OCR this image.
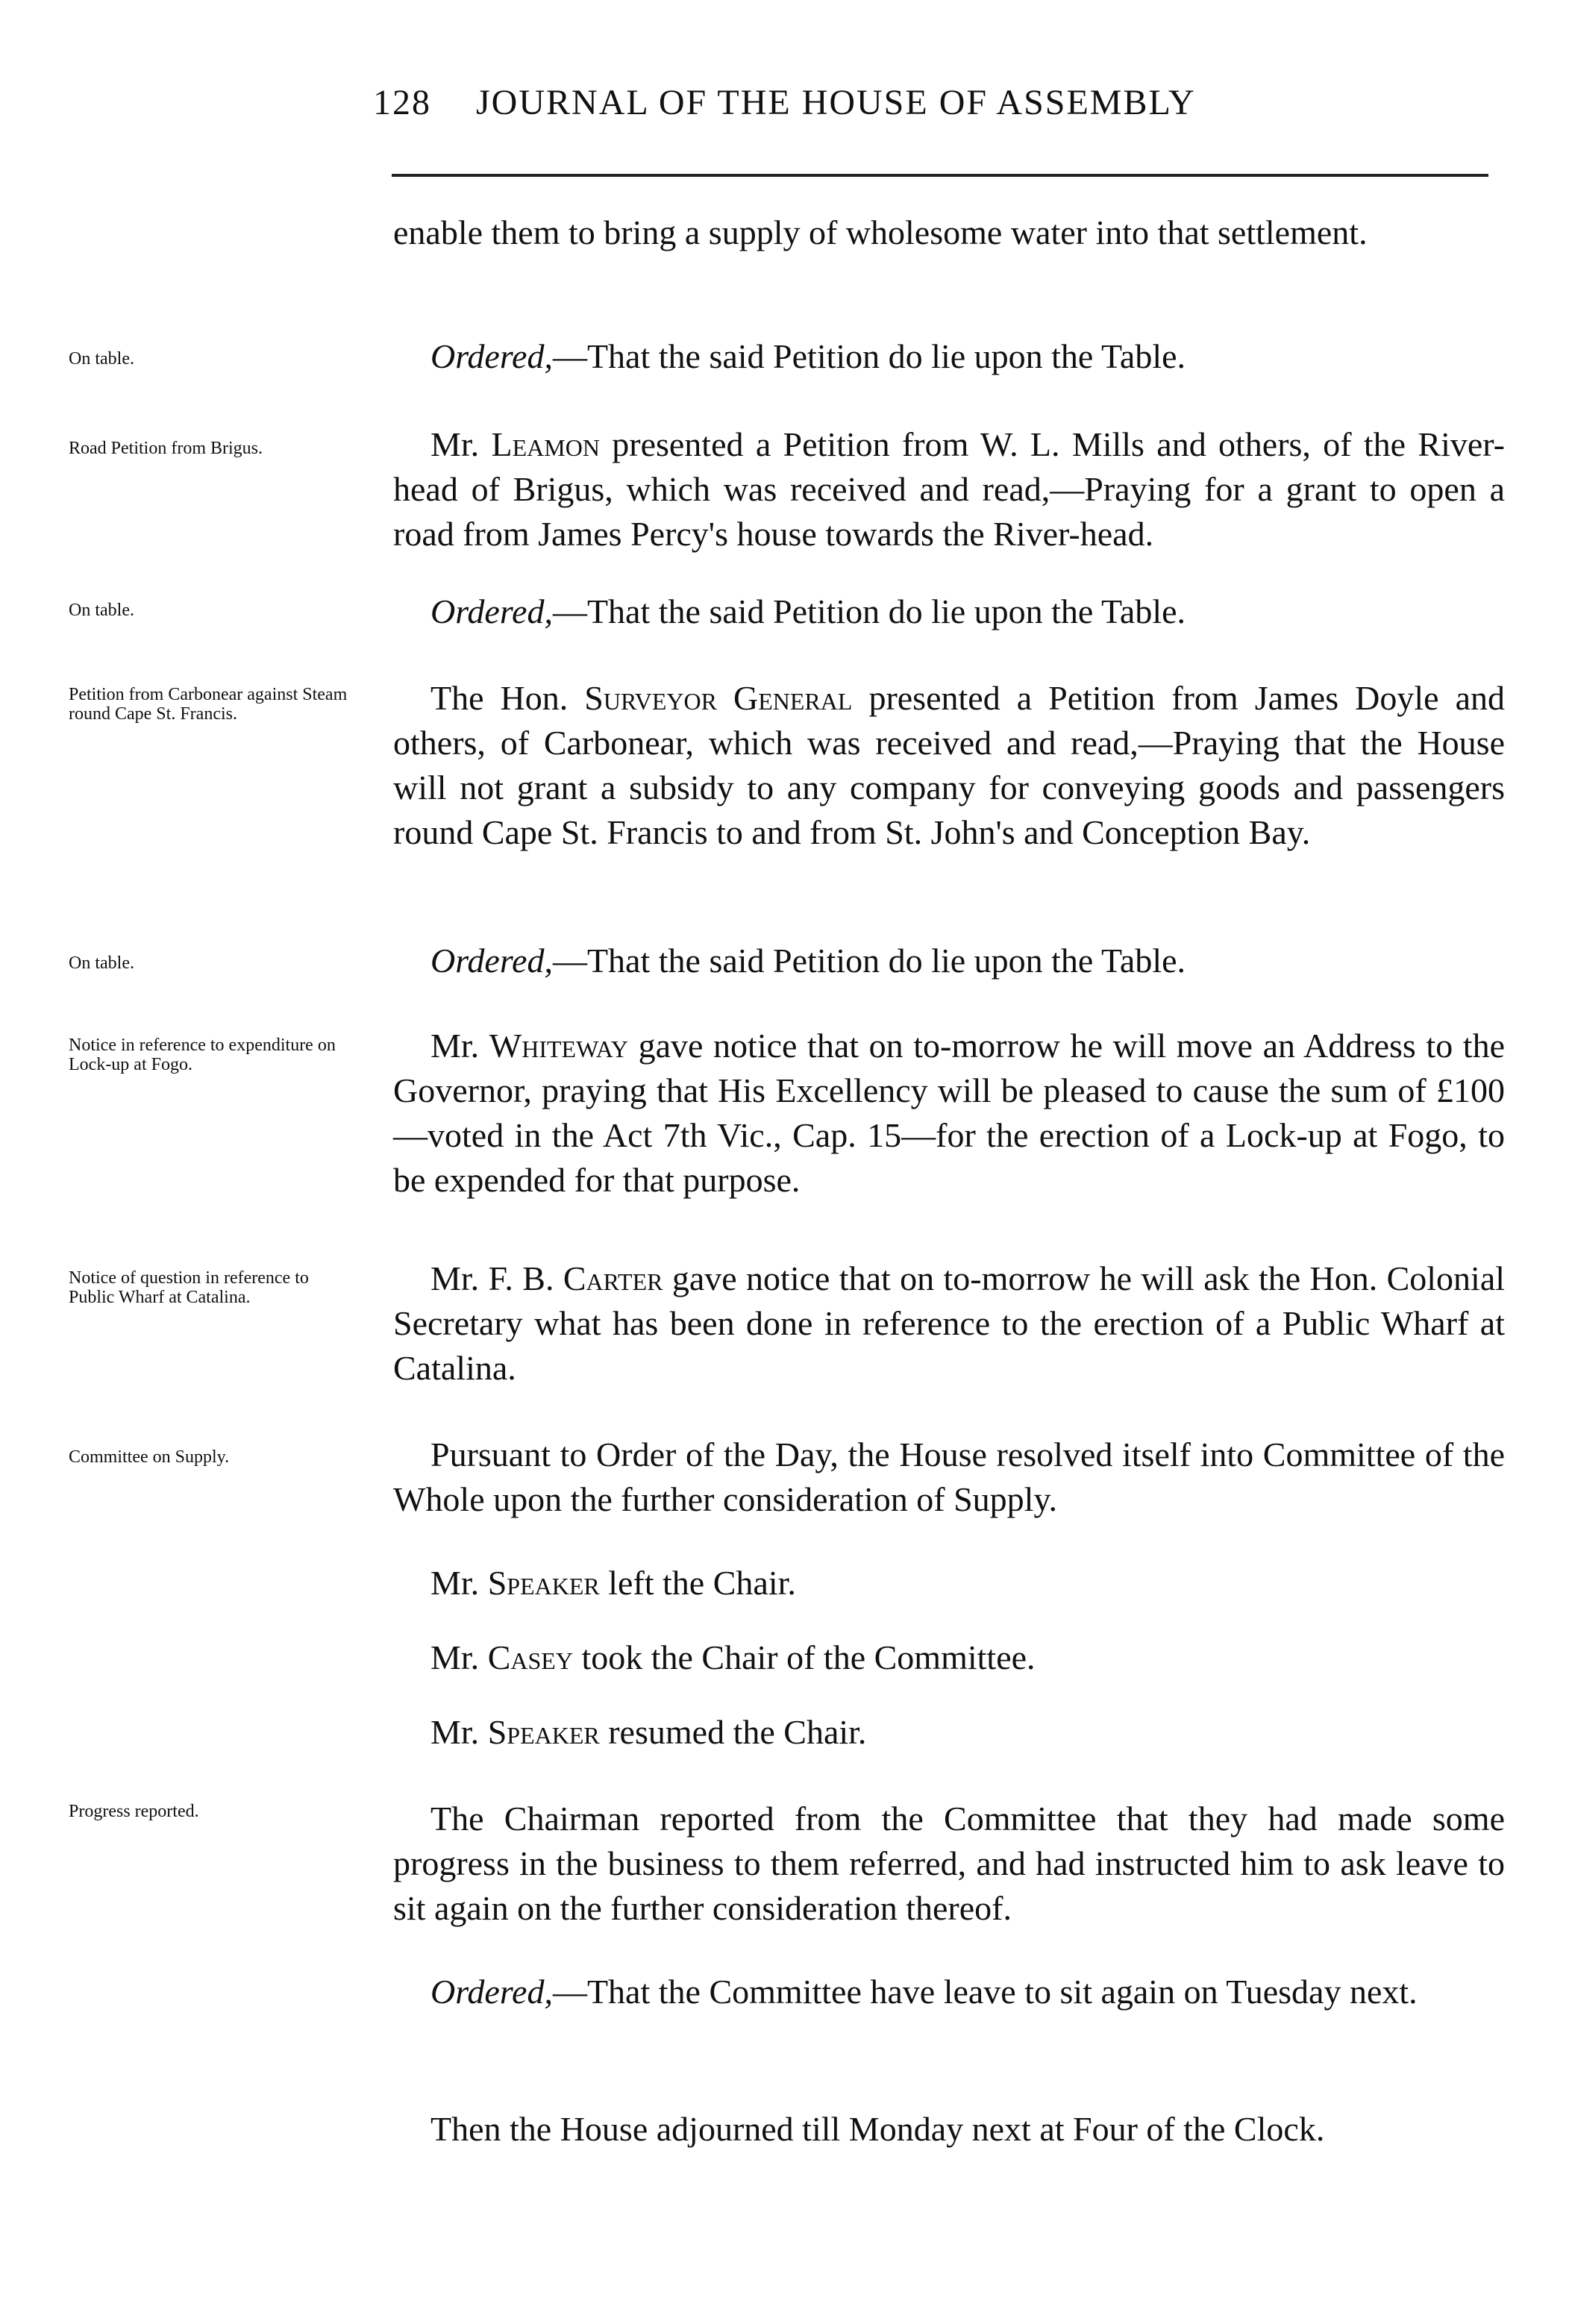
128 JOURNAL OF THE HOUSE OF ASSEMBLY
On table.
Road Petition from Brigus.
On table.
Petition from Carbonear against Steam round Cape St. Francis.
On table.
Notice in reference to expenditure on Lock-up at Fogo.
Notice of question in reference to Public Wharf at Catalina.
Committee on Supply.
Progress reported.
enable them to bring a supply of wholesome water into that settlement.
Ordered,—That the said Petition do lie upon the Table.
Mr. Leamon presented a Petition from W. L. Mills and others, of the River-head of Brigus, which was received and read,—Praying for a grant to open a road from James Percy's house towards the River-head.
Ordered,—That the said Petition do lie upon the Table.
The Hon. Surveyor General presented a Petition from James Doyle and others, of Carbonear, which was received and read,—Praying that the House will not grant a subsidy to any company for conveying goods and passengers round Cape St. Francis to and from St. John's and Conception Bay.
Ordered,—That the said Petition do lie upon the Table.
Mr. Whiteway gave notice that on to-morrow he will move an Address to the Governor, praying that His Excellency will be pleased to cause the sum of £100—voted in the Act 7th Vic., Cap. 15—for the erection of a Lock-up at Fogo, to be expended for that purpose.
Mr. F. B. Carter gave notice that on to-morrow he will ask the Hon. Colonial Secretary what has been done in reference to the erection of a Public Wharf at Catalina.
Pursuant to Order of the Day, the House resolved itself into Committee of the Whole upon the further consideration of Supply.
Mr. Speaker left the Chair.
Mr. Casey took the Chair of the Committee.
Mr. Speaker resumed the Chair.
The Chairman reported from the Committee that they had made some progress in the business to them referred, and had instructed him to ask leave to sit again on the further consideration thereof.
Ordered,—That the Committee have leave to sit again on Tuesday next.
Then the House adjourned till Monday next at Four of the Clock.
